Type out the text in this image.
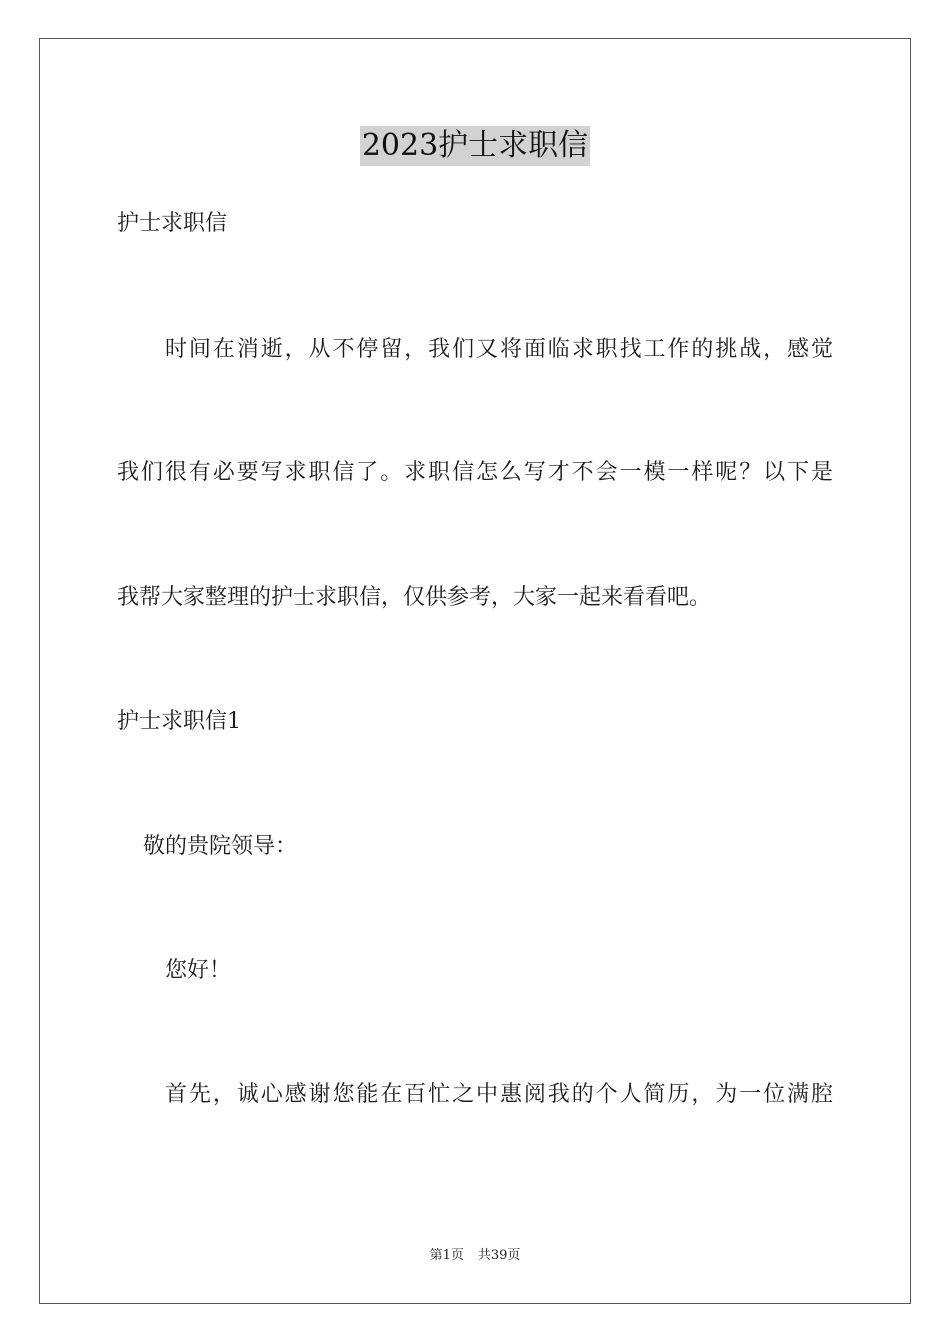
2023护士求职信
护士求职信
时间在消逝，从不停留，我们又将面临求职找工作的挑战，感觉
我们很有必要写求职信了。求职信怎么写才不会一模一样呢？以下是
我帮大家整理的护士求职信，仅供参考，大家一起来看看吧。
护士求职信1
敬的贵院领导：
您好！
首先，诚心感谢您能在百忙之中惠阅我的个人简历，为一位满腔
第1页 共39页
